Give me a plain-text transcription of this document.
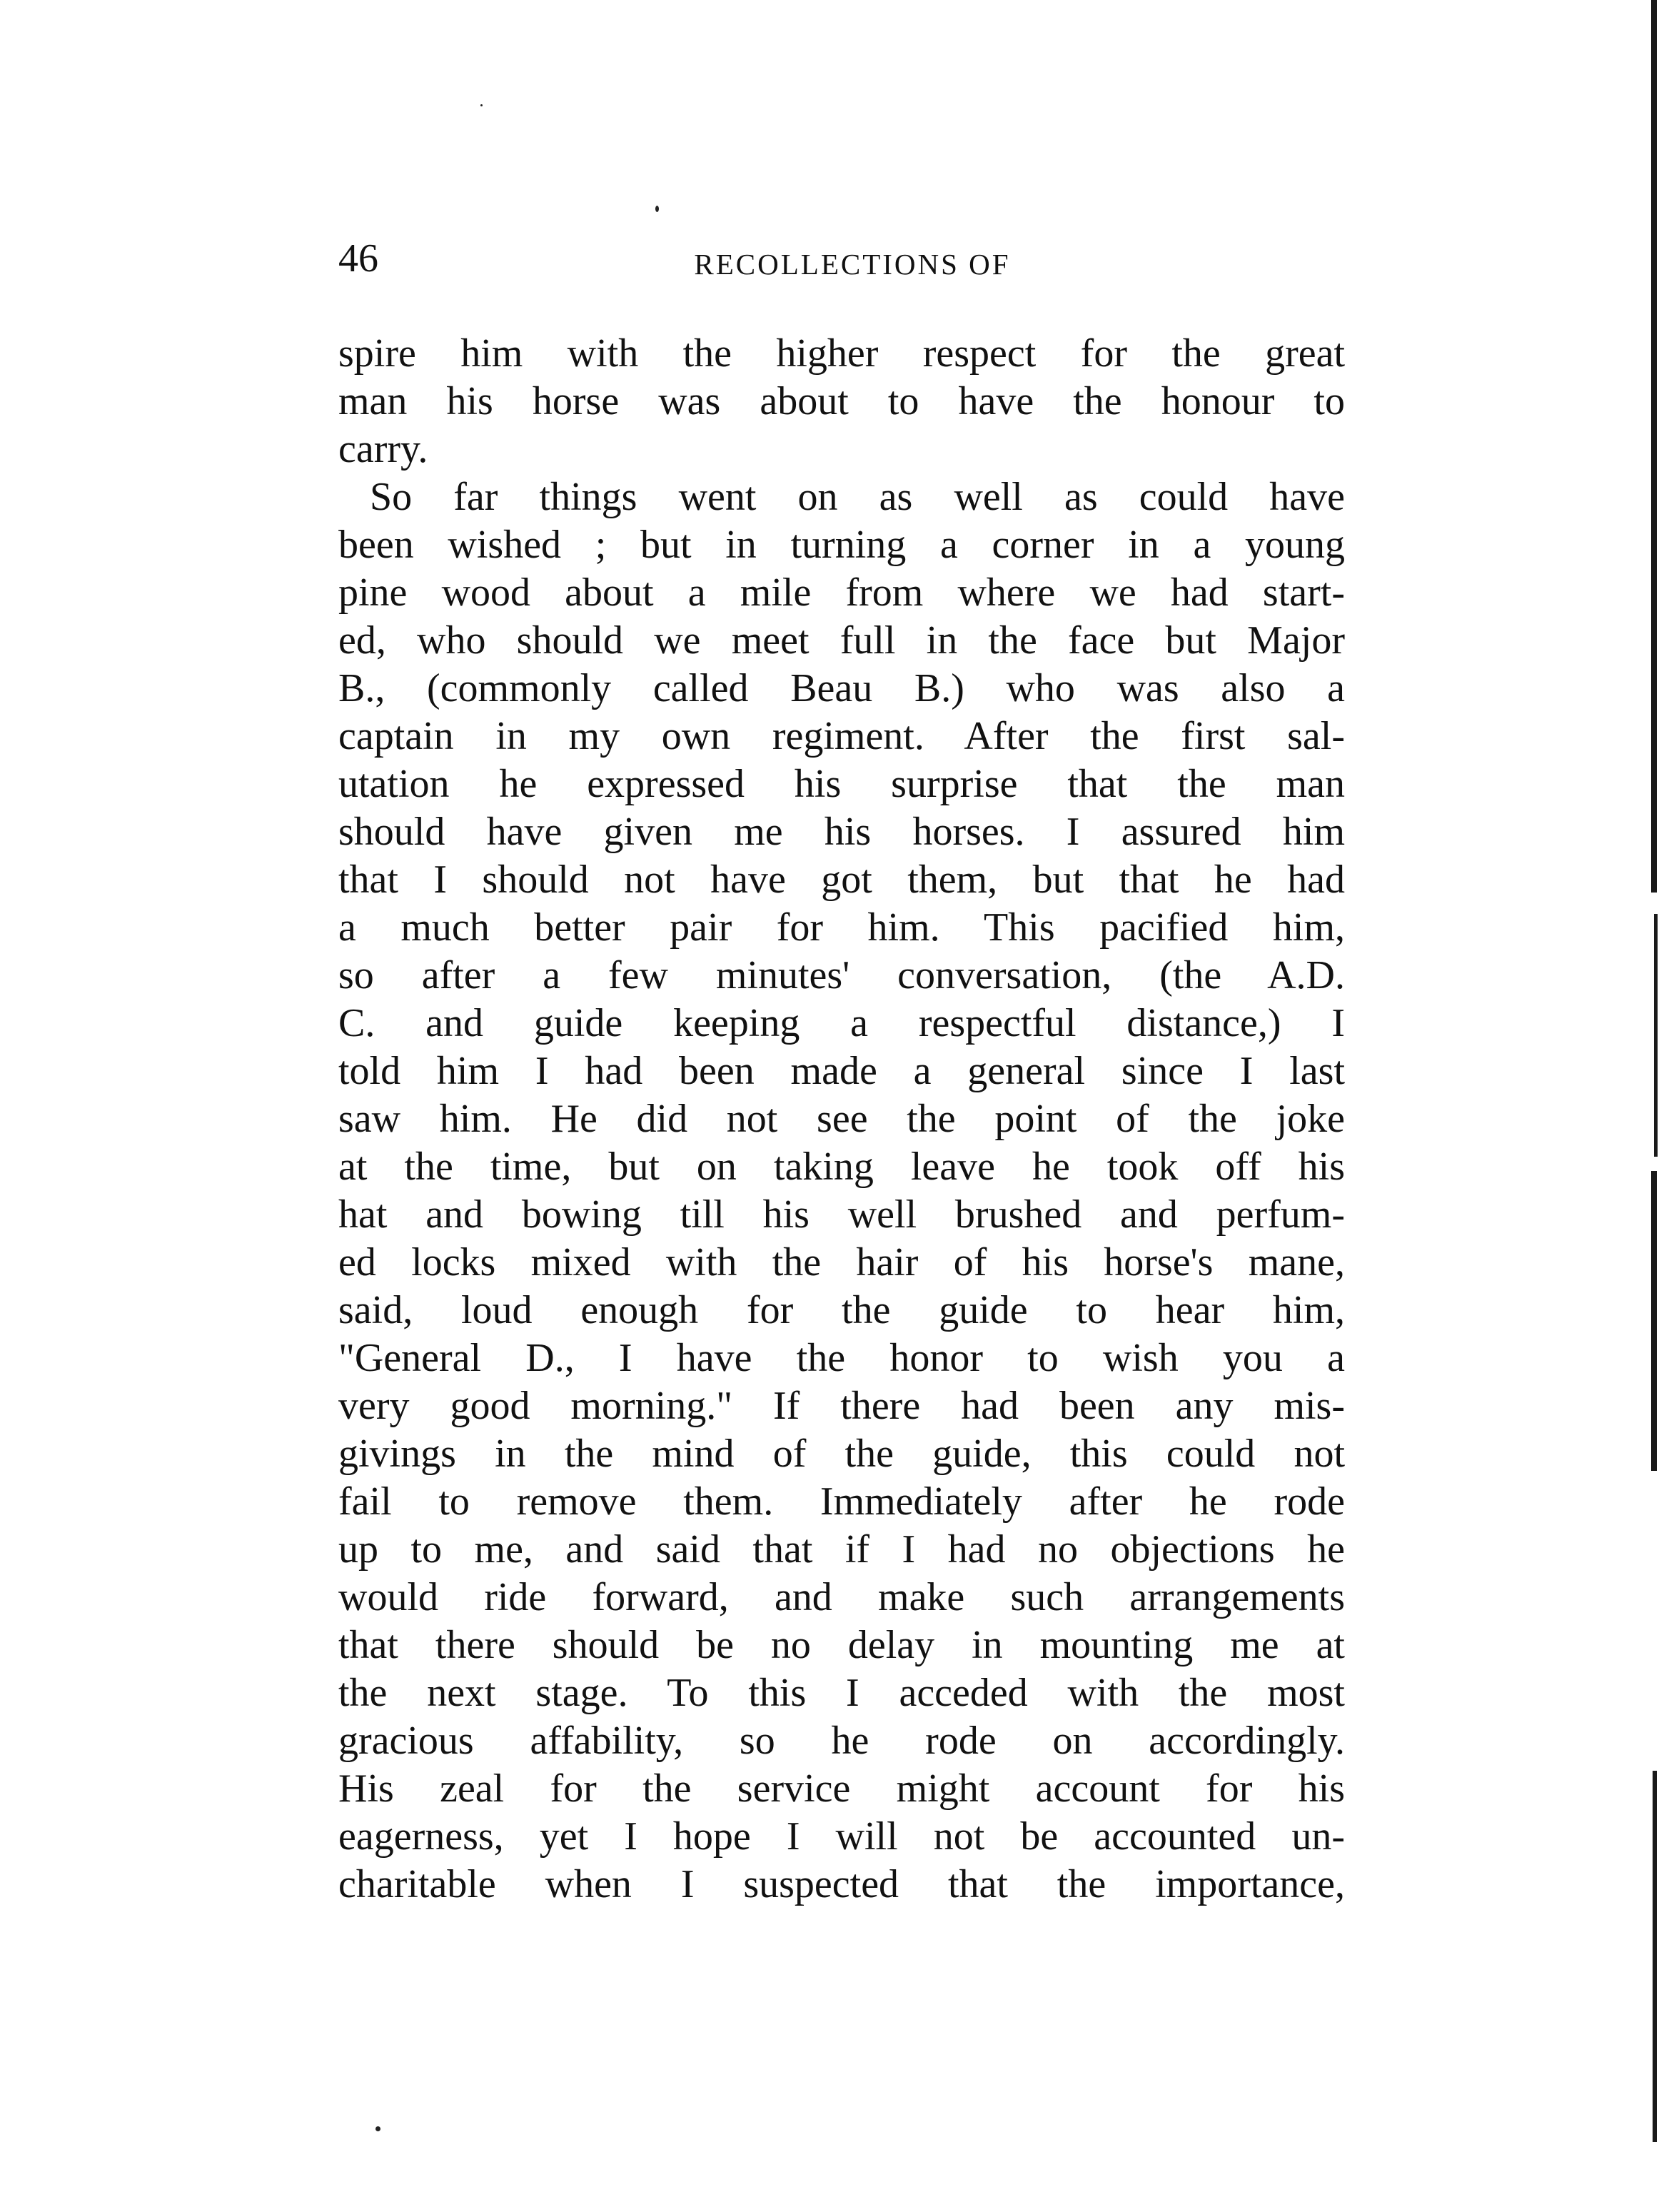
46	RECOLLECTIONS OF
spire him with the higher respect for the great
man his horse was about to have the honour to
carry.
So far things went on as well as could have
been wished ; but in turning a corner in a young
pine wood about a mile from where we had start-
ed, who should we meet full in the face but Major
B., (commonly called Beau B.) who was also a
captain in my own regiment. After the first sal-
utation he expressed his surprise that the man
should have given me his horses. I assured him
that I should not have got them, but that he had
a much better pair for him. This pacified him,
so after a few minutes' conversation, (the A.D.
C. and guide keeping a respectful distance,) I
told him I had been made a general since I last
saw him. He did not see the point of the joke
at the time, but on taking leave he took off his
hat and bowing till his well brushed and perfum-
ed locks mixed with the hair of his horse's mane,
said, loud enough for the guide to hear him,
"General D., I have the honor to wish you a
very good morning." If there had been any mis-
givings in the mind of the guide, this could not
fail to remove them. Immediately after he rode
up to me, and said that if I had no objections he
would ride forward, and make such arrangements
that there should be no delay in mounting me at
the next stage. To this I acceded with the most
gracious affability, so he rode on accordingly.
His zeal for the service might account for his
eagerness, yet I hope I will not be accounted un-
charitable when I suspected that the importance,
